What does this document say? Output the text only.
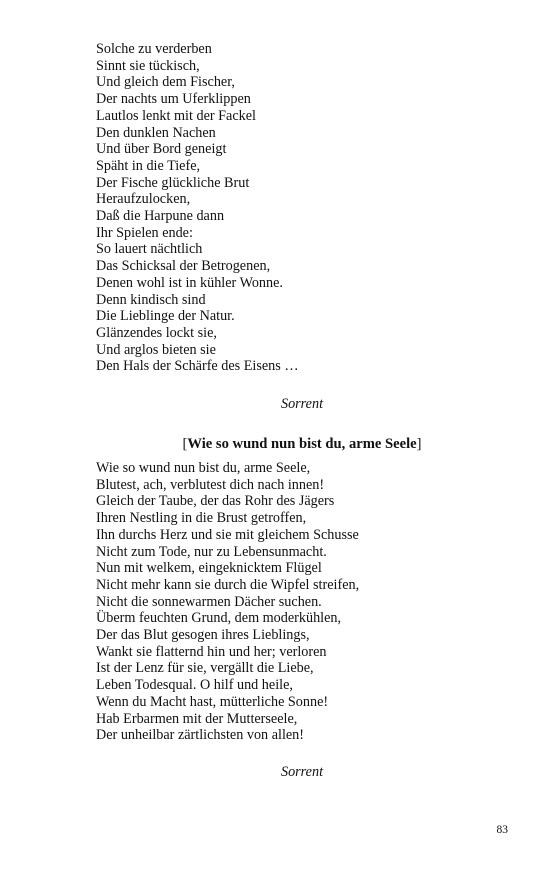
Solche zu verderben
Sinnt sie tückisch,
Und gleich dem Fischer,
Der nachts um Uferklippen
Lautlos lenkt mit der Fackel
Den dunklen Nachen
Und über Bord geneigt
Späht in die Tiefe,
Der Fische glückliche Brut
Heraufzulocken,
Daß die Harpune dann
Ihr Spielen ende:
So lauert nächtlich
Das Schicksal der Betrogenen,
Denen wohl ist in kühler Wonne.
Denn kindisch sind
Die Lieblinge der Natur.
Glänzendes lockt sie,
Und arglos bieten sie
Den Hals der Schärfe des Eisens …
Sorrent
[Wie so wund nun bist du, arme Seele]
Wie so wund nun bist du, arme Seele,
Blutest, ach, verblutest dich nach innen!
Gleich der Taube, der das Rohr des Jägers
Ihren Nestling in die Brust getroffen,
Ihn durchs Herz und sie mit gleichem Schusse
Nicht zum Tode, nur zu Lebensunmacht.
Nun mit welkem, eingeknicktem Flügel
Nicht mehr kann sie durch die Wipfel streifen,
Nicht die sonnewarmen Dächer suchen.
Überm feuchten Grund, dem moderkühlen,
Der das Blut gesogen ihres Lieblings,
Wankt sie flatternd hin und her; verloren
Ist der Lenz für sie, vergällt die Liebe,
Leben Todesqual. O hilf und heile,
Wenn du Macht hast, mütterliche Sonne!
Hab Erbarmen mit der Mutterseele,
Der unheilbar zärtlichsten von allen!
Sorrent
83
